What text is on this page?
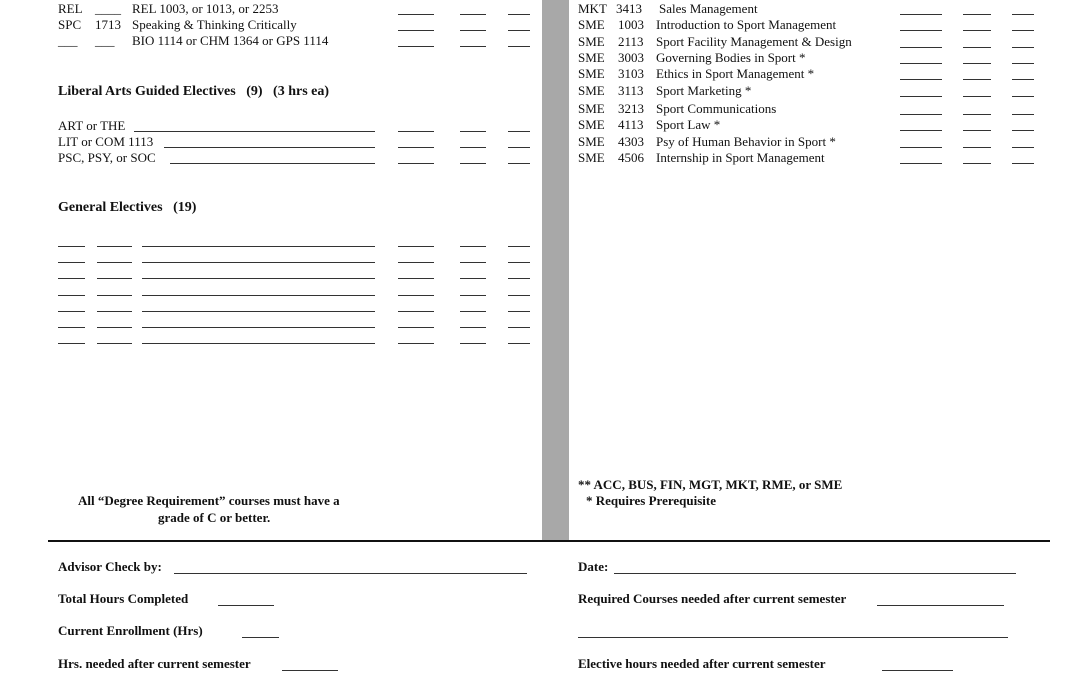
REL ____ REL 1003, or 1013, or 2253
SPC 1713 Speaking & Thinking Critically
___ ___ BIO 1114 or CHM 1364 or GPS 1114
Liberal Arts Guided Electives (9) (3 hrs ea)
ART or THE
LIT or COM 1113
PSC, PSY, or SOC
General Electives (19)
All “Degree Requirement” courses must have a
grade of C or better.
MKT 3413 Sales Management
SME 1003 Introduction to Sport Management
SME 2113 Sport Facility Management & Design
SME 3003 Governing Bodies in Sport *
SME 3103 Ethics in Sport Management *
SME 3113 Sport Marketing *
SME 3213 Sport Communications
SME 4113 Sport Law *
SME 4303 Psy of Human Behavior in Sport *
SME 4506 Internship in Sport Management
** ACC, BUS, FIN, MGT, MKT, RME, or SME
* Requires Prerequisite
Advisor Check by:	Date:
Total Hours Completed	Required Courses needed after current semester
Current Enrollment (Hrs)
Hrs. needed after current semester	Elective hours needed after current semester
